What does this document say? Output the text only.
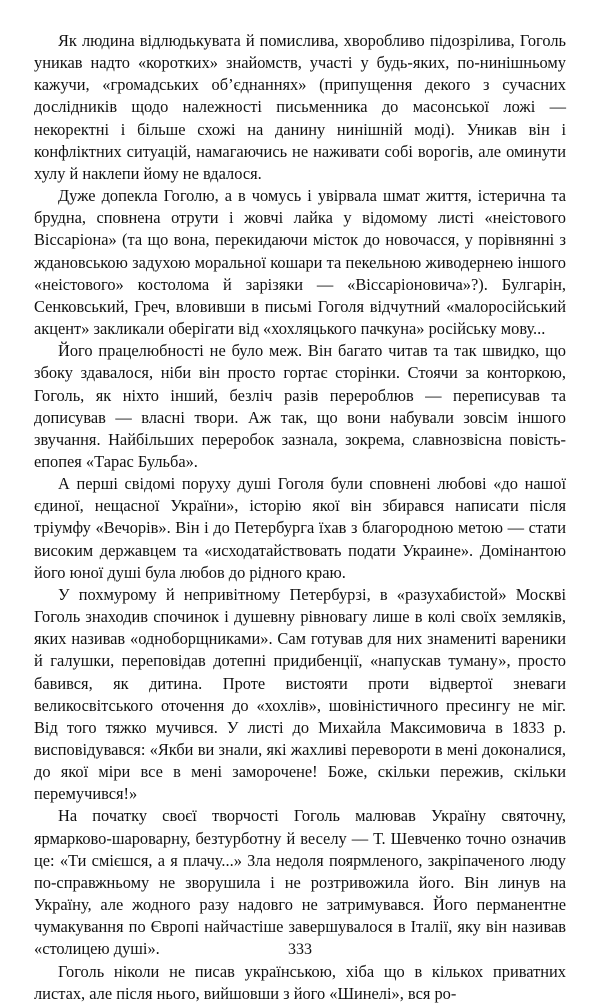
Як людина відлюдькувата й помислива, хворобливо підозрілива, Гоголь уникав надто «коротких» знайомств, участі у будь-яких, по-нинішньому кажучи, «громадських об’єднаннях» (припущення декого з сучасних дослідників щодо належності письменника до масонської ложі — некоректні і більше схожі на данину нинішній моді). Уникав він і конфліктних ситуацій, намагаючись не наживати собі ворогів, але оминути хулу й наклепи йому не вдалося.

Дуже допекла Гоголю, а в чомусь і увірвала шмат життя, істерична та брудна, сповнена отрути і жовчі лайка у відомому листі «неістового Віссаріона» (та що вона, перекидаючи місток до новочасся, у порівнянні з ждановською задухою моральної кошари та пекельною живодернею іншого «неістового» костолома й зарізяки — «Віссаріоновича»?). Булгарін, Сенковський, Греч, вловивши в письмі Гоголя відчутний «малоросійський акцент» закликали оберігати від «хохляцького пачкуна» російську мову...

Його працелюбності не було меж. Він багато читав та так швидко, що збоку здавалося, ніби він просто гортає сторінки. Стоячи за конторкою, Гоголь, як ніхто інший, безліч разів перероблюв — переписував та дописував — власні твори. Аж так, що вони набували зовсім іншого звучання. Найбільших переробок зазнала, зокрема, славнозвісна повість-епопея «Тарас Бульба».

А перші свідомі поруху душі Гоголя були сповнені любові «до нашої єдиної, нещасної України», історію якої він збирався написати після тріумфу «Вечорів». Він і до Петербурга їхав з благородною метою — стати високим державцем та «исходатайствовать подати Украине». Домінантою його юної душі була любов до рідного краю.

У похмурому й непривітному Петербурзі, в «разухабистой» Москві Гоголь знаходив спочинок і душевну рівновагу лише в колі своїх земляків, яких називав «одноборщниками». Сам готував для них знамениті вареники й галушки, переповідав дотепні придибенції, «напускав туману», просто бавився, як дитина. Проте вистояти проти відвертої зневаги великосвітського оточення до «хохлів», шовіністичного пресингу не міг. Від того тяжко мучився. У листі до Михайла Максимовича в 1833 р. висповідувався: «Якби ви знали, які жахливі перевороти в мені доконалися, до якої міри все в мені заморочене! Боже, скільки пережив, скільки перемучився!»

На початку своєї творчості Гоголь малював Україну святочну, ярмарково-шароварну, безтурботну й веселу — Т. Шевченко точно означив це: «Ти смієшся, а я плачу...» Зла недоля поярмленого, закріпаченого люду по-справжньому не зворушила і не розтривожила його. Він линув на Україну, але жодного разу надовго не затримувався. Його перманентне чумакування по Європі найчастіше завершувалося в Італії, яку він називав «столицею душі».

Гоголь ніколи не писав українською, хіба що в кількох приватних листах, але після нього, вийшовши з його «Шинелі», вся ро-

333
